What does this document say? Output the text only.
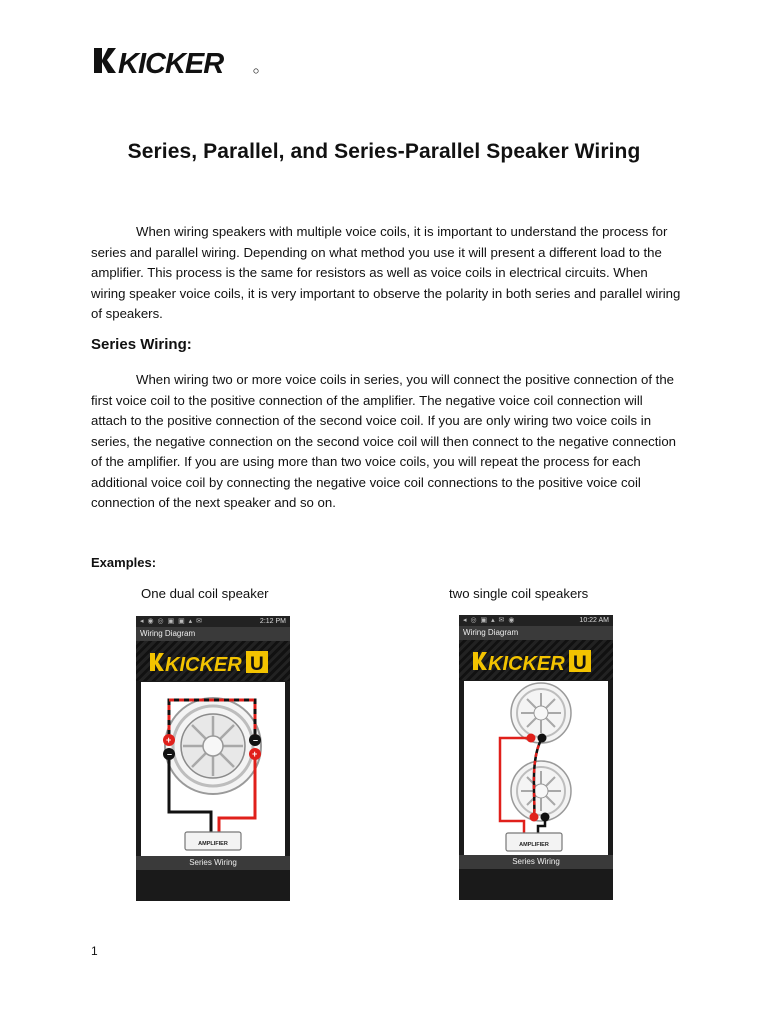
KICKER
Series, Parallel, and Series-Parallel Speaker Wiring

When wiring speakers with multiple voice coils, it is important to understand the process for series and parallel wiring. Depending on what method you use it will present a different load to the amplifier. This process is the same for resistors as well as voice coils in electrical circuits. When wiring speaker voice coils, it is very important to observe the polarity in both series and parallel wiring of speakers.

Series Wiring:

When wiring two or more voice coils in series, you will connect the positive connection of the first voice coil to the positive connection of the amplifier. The negative voice coil connection will attach to the positive connection of the second voice coil. If you are only wiring two voice coils in series, the negative connection on the second voice coil will then connect to the negative connection of the amplifier. If you are using more than two voice coils, you will repeat the process for each additional voice coil by connecting the negative voice coil connections to the positive voice coil connection of the next speaker and so on.

Examples:

One dual coil speaker	two single coil speakers

◂ ◉ ◎ ▣ ▣ ▴ ✉	2:12 PM
Wiring Diagram
KICKER U
+
–
–
+
AMPLIFIER
Series Wiring
◂ ◎ ▣ ▴ ✉ ◉	10:22 AM
Wiring Diagram
KICKER U
AMPLIFIER
Series Wiring

1
